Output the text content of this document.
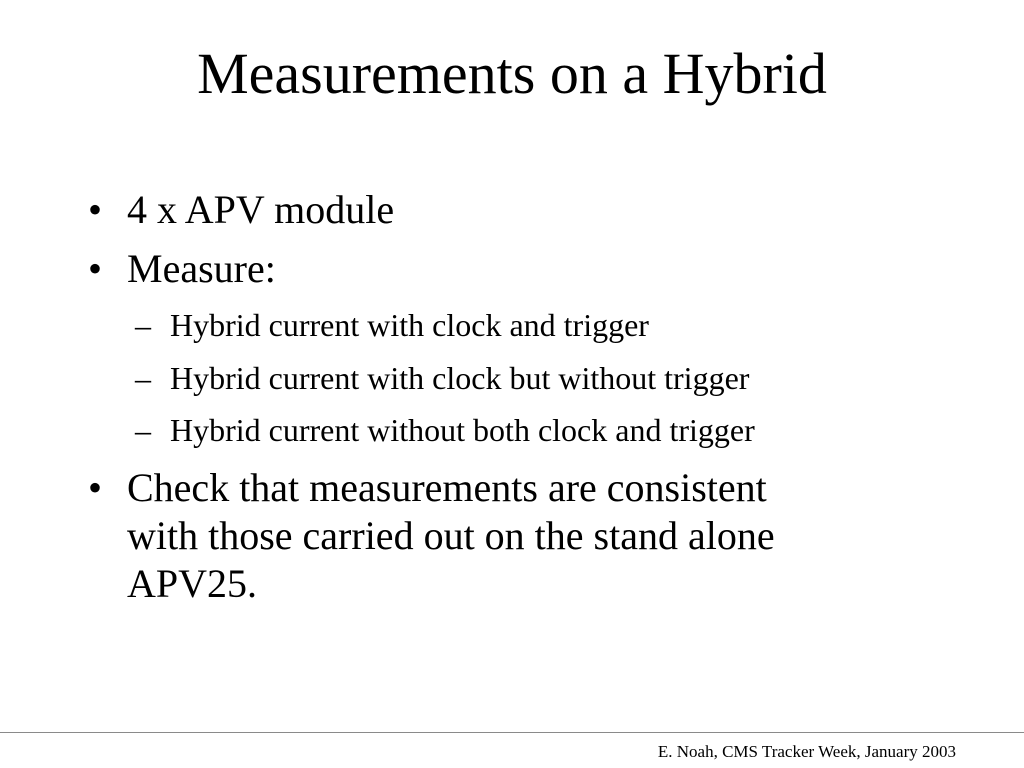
Measurements on a Hybrid
• 4 x APV module
• Measure:
– Hybrid current with clock and trigger
– Hybrid current with clock but without trigger
– Hybrid current without both clock and trigger
• Check that measurements are consistent
with those carried out on the stand alone
APV25.
E. Noah, CMS Tracker Week, January 2003
